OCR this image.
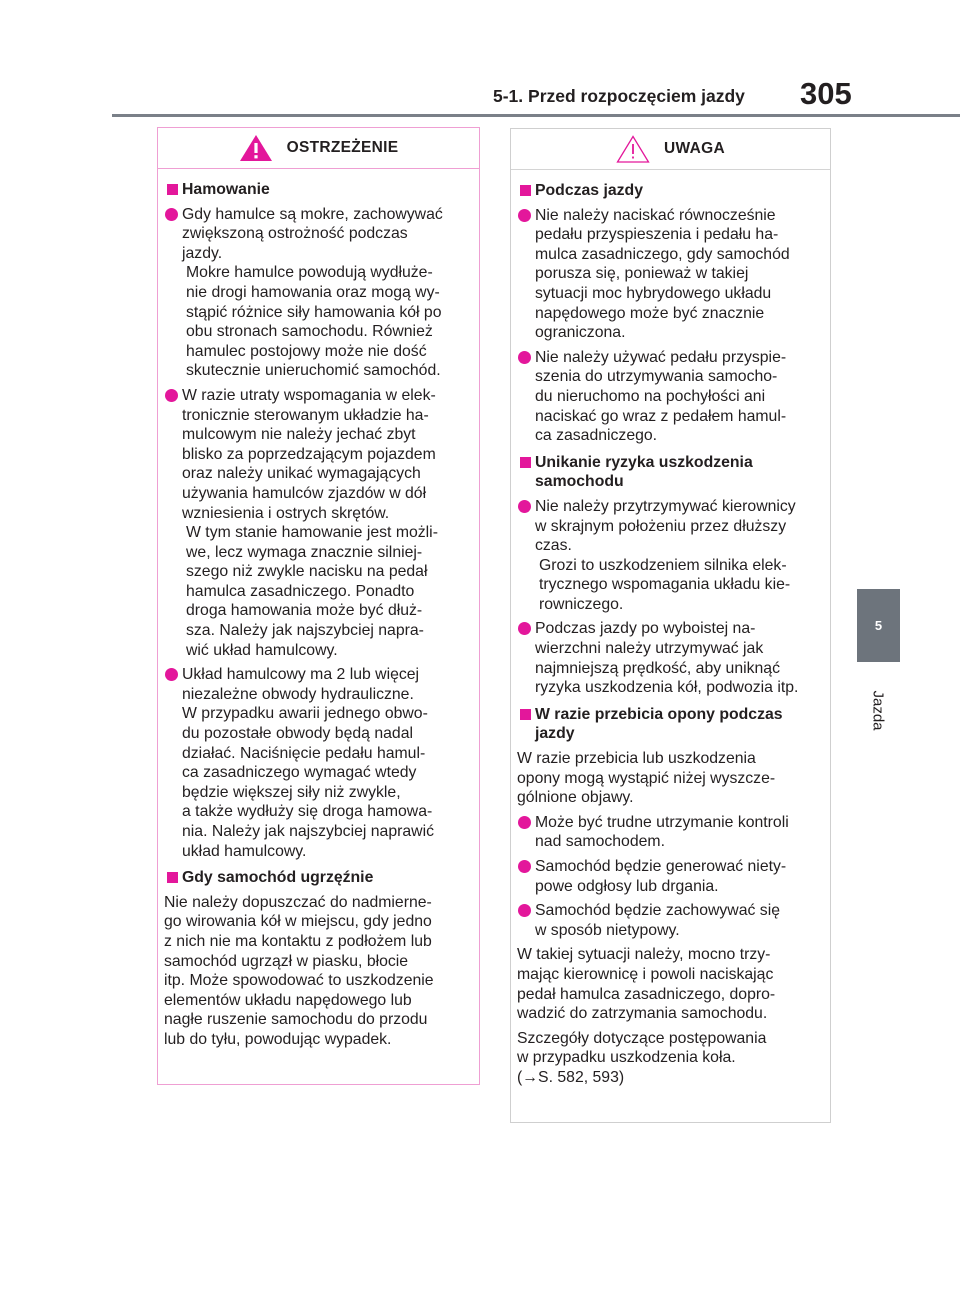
5-1. Przed rozpoczęciem jazdy 305
5
Jazda
OSTRZEŻENIE
Hamowanie
Gdy hamulce są mokre, zachowywać
zwiększoną ostrożność podczas
jazdy.
Mokre hamulce powodują wydłuże-
nie drogi hamowania oraz mogą wy-
stąpić różnice siły hamowania kół po
obu stronach samochodu. Również
hamulec postojowy może nie dość
skutecznie unieruchomić samochód.
W razie utraty wspomagania w elek-
tronicznie sterowanym układzie ha-
mulcowym nie należy jechać zbyt
blisko za poprzedzającym pojazdem
oraz należy unikać wymagających
używania hamulców zjazdów w dół
wzniesienia i ostrych skrętów.
W tym stanie hamowanie jest możli-
we, lecz wymaga znacznie silniej-
szego niż zwykle nacisku na pedał
hamulca zasadniczego. Ponadto
droga hamowania może być dłuż-
sza. Należy jak najszybciej napra-
wić układ hamulcowy.
Układ hamulcowy ma 2 lub więcej
niezależne obwody hydrauliczne.
W przypadku awarii jednego obwo-
du pozostałe obwody będą nadal
działać. Naciśnięcie pedału hamul-
ca zasadniczego wymagać wtedy
będzie większej siły niż zwykle,
a także wydłuży się droga hamowa-
nia. Należy jak najszybciej naprawić
układ hamulcowy.
Gdy samochód ugrzęźnie
Nie należy dopuszczać do nadmierne-
go wirowania kół w miejscu, gdy jedno
z nich nie ma kontaktu z podłożem lub
samochód ugrzązł w piasku, błocie
itp. Może spowodować to uszkodzenie
elementów układu napędowego lub
nagłe ruszenie samochodu do przodu
lub do tyłu, powodując wypadek.
UWAGA
Podczas jazdy
Nie należy naciskać równocześnie
pedału przyspieszenia i pedału ha-
mulca zasadniczego, gdy samochód
porusza się, ponieważ w takiej
sytuacji moc hybrydowego układu
napędowego może być znacznie
ograniczona.
Nie należy używać pedału przyspie-
szenia do utrzymywania samocho-
du nieruchomo na pochyłości ani
naciskać go wraz z pedałem hamul-
ca zasadniczego.
Unikanie ryzyka uszkodzenia
samochodu
Nie należy przytrzymywać kierownicy
w skrajnym położeniu przez dłuższy
czas.
Grozi to uszkodzeniem silnika elek-
trycznego wspomagania układu kie-
rowniczego.
Podczas jazdy po wyboistej na-
wierzchni należy utrzymywać jak
najmniejszą prędkość, aby uniknąć
ryzyka uszkodzenia kół, podwozia itp.
W razie przebicia opony podczas
jazdy
W razie przebicia lub uszkodzenia
opony mogą wystąpić niżej wyszcze-
gólnione objawy.
Może być trudne utrzymanie kontroli
nad samochodem.
Samochód będzie generować niety-
powe odgłosy lub drgania.
Samochód będzie zachowywać się
w sposób nietypowy.
W takiej sytuacji należy, mocno trzy-
mając kierownicę i powoli naciskając
pedał hamulca zasadniczego, dopro-
wadzić do zatrzymania samochodu.
Szczegóły dotyczące postępowania
w przypadku uszkodzenia koła.
(→S. 582, 593)
